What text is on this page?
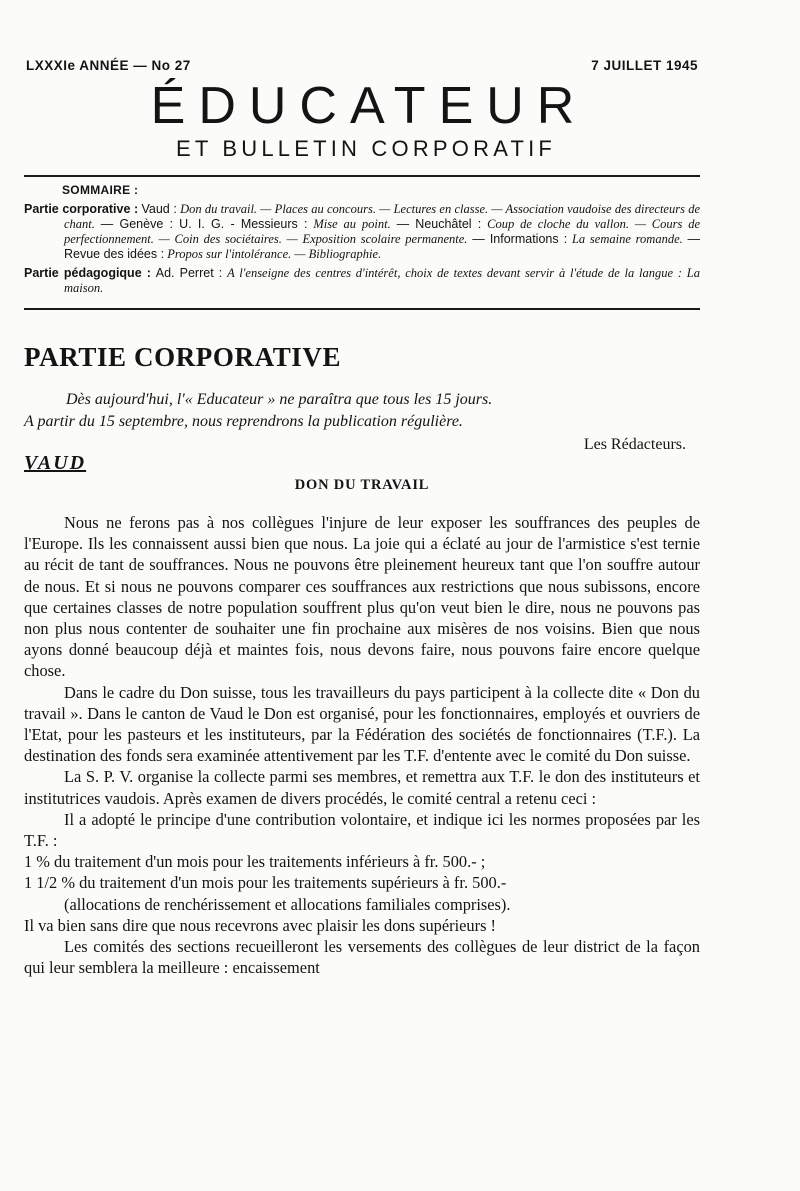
LXXXIe ANNÉE — No 27	7 JUILLET 1945
ÉDUCATEUR
ET BULLETIN CORPORATIF
SOMMAIRE :
Partie corporative : Vaud : Don du travail. — Places au concours. — Lectures en classe. — Association vaudoise des directeurs de chant. — Genève : U. I. G. - Messieurs : Mise au point. — Neuchâtel : Coup de cloche du vallon. — Cours de perfectionnement. — Coin des sociétaires. — Exposition scolaire permanente. — Informations : La semaine romande. — Revue des idées : Propos sur l'intolérance. — Bibliographie.
Partie pédagogique : Ad. Perret : A l'enseigne des centres d'intérêt, choix de textes devant servir à l'étude de la langue : La maison.
PARTIE CORPORATIVE

Dès aujourd'hui, l'« Educateur » ne paraîtra que tous les 15 jours.

A partir du 15 septembre, nous reprendrons la publication régulière.

Les Rédacteurs.
VAUD
DON DU TRAVAIL

Nous ne ferons pas à nos collègues l'injure de leur exposer les souffrances des peuples de l'Europe. Ils les connaissent aussi bien que nous. La joie qui a éclaté au jour de l'armistice s'est ternie au récit de tant de souffrances. Nous ne pouvons être pleinement heureux tant que l'on souffre autour de nous. Et si nous ne pouvons comparer ces souffrances aux restrictions que nous subissons, encore que certaines classes de notre population souffrent plus qu'on veut bien le dire, nous ne pouvons pas non plus nous contenter de souhaiter une fin prochaine aux misères de nos voisins. Bien que nous ayons donné beaucoup déjà et maintes fois, nous devons faire, nous pouvons faire encore quelque chose.

Dans le cadre du Don suisse, tous les travailleurs du pays participent à la collecte dite « Don du travail ». Dans le canton de Vaud le Don est organisé, pour les fonctionnaires, employés et ouvriers de l'Etat, pour les pasteurs et les instituteurs, par la Fédération des sociétés de fonctionnaires (T.F.). La destination des fonds sera examinée attentivement par les T.F. d'entente avec le comité du Don suisse.

La S. P. V. organise la collecte parmi ses membres, et remettra aux T.F. le don des instituteurs et institutrices vaudois. Après examen de divers procédés, le comité central a retenu ceci :

Il a adopté le principe d'une contribution volontaire, et indique ici les normes proposées par les T.F. :

1 % du traitement d'un mois pour les traitements inférieurs à fr. 500.- ;

1 1/2 % du traitement d'un mois pour les traitements supérieurs à fr. 500.-

(allocations de renchérissement et allocations familiales comprises).

Il va bien sans dire que nous recevrons avec plaisir les dons supérieurs !

Les comités des sections recueilleront les versements des collègues de leur district de la façon qui leur semblera la meilleure : encaissement
